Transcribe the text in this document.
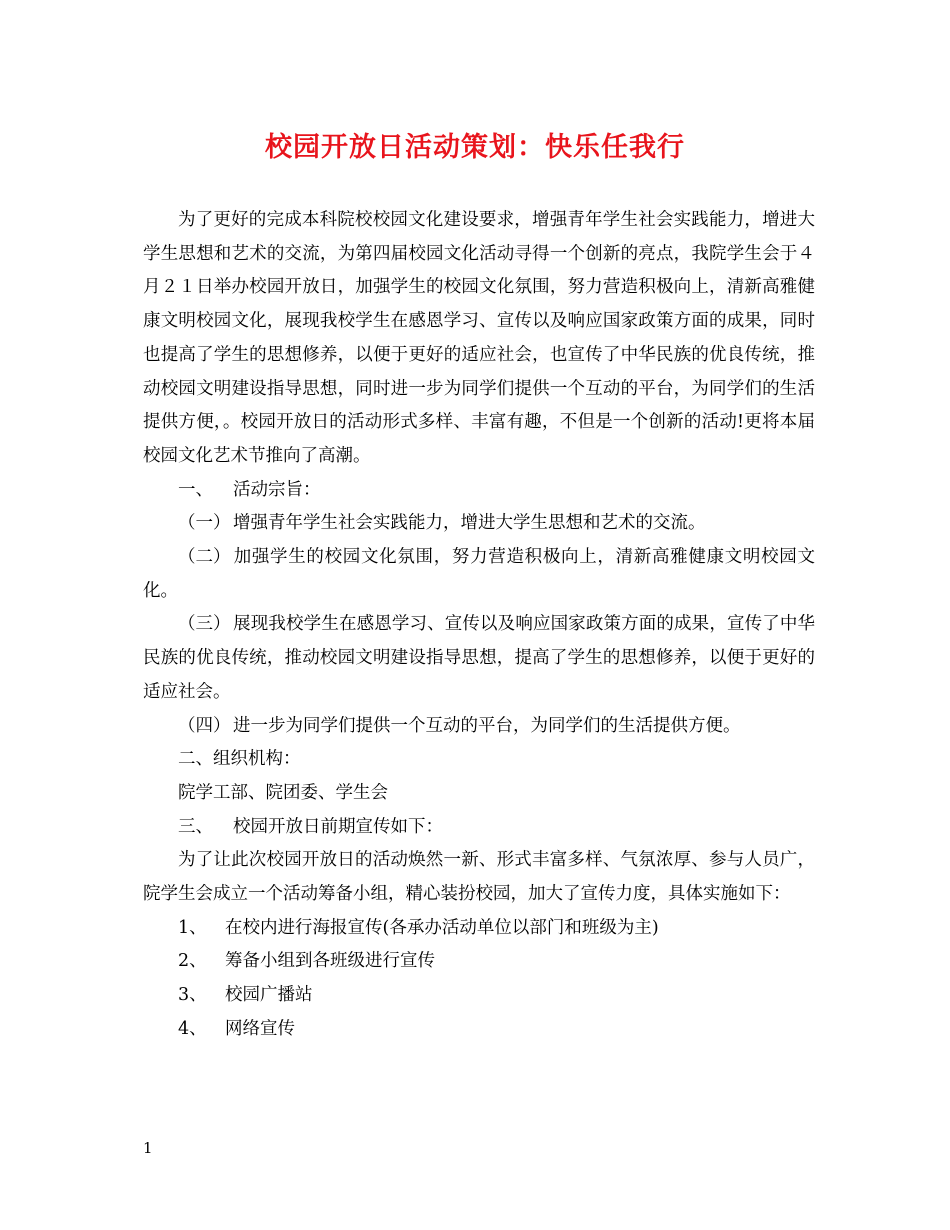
校园开放日活动策划：快乐任我行

为了更好的完成本科院校校园文化建设要求，增强青年学生社会实践能力，增进大学生思想和艺术的交流，为第四届校园文化活动寻得一个创新的亮点，我院学生会于４月２１日举办校园开放日，加强学生的校园文化氛围，努力营造积极向上，清新高雅健康文明校园文化，展现我校学生在感恩学习、宣传以及响应国家政策方面的成果，同时也提高了学生的思想修养，以便于更好的适应社会，也宣传了中华民族的优良传统，推动校园文明建设指导思想，同时进一步为同学们提供一个互动的平台，为同学们的生活提供方便，。校园开放日的活动形式多样、丰富有趣，不但是一个创新的活动!更将本届校园文化艺术节推向了高潮。

一、	活动宗旨：
（一） 增强青年学生社会实践能力，增进大学生思想和艺术的交流。
（二） 加强学生的校园文化氛围，努力营造积极向上，清新高雅健康文明校园文化。
（三） 展现我校学生在感恩学习、宣传以及响应国家政策方面的成果，宣传了中华民族的优良传统，推动校园文明建设指导思想，提高了学生的思想修养，以便于更好的适应社会。
（四） 进一步为同学们提供一个互动的平台，为同学们的生活提供方便。

二、组织机构：

院学工部、院团委、学生会

三、	校园开放日前期宣传如下：

为了让此次校园开放日的活动焕然一新、形式丰富多样、气氛浓厚、参与人员广，院学生会成立一个活动筹备小组，精心装扮校园，加大了宣传力度，具体实施如下：

1、	在校内进行海报宣传(各承办活动单位以部门和班级为主)
2、	筹备小组到各班级进行宣传
3、	校园广播站
4、	网络宣传
1
